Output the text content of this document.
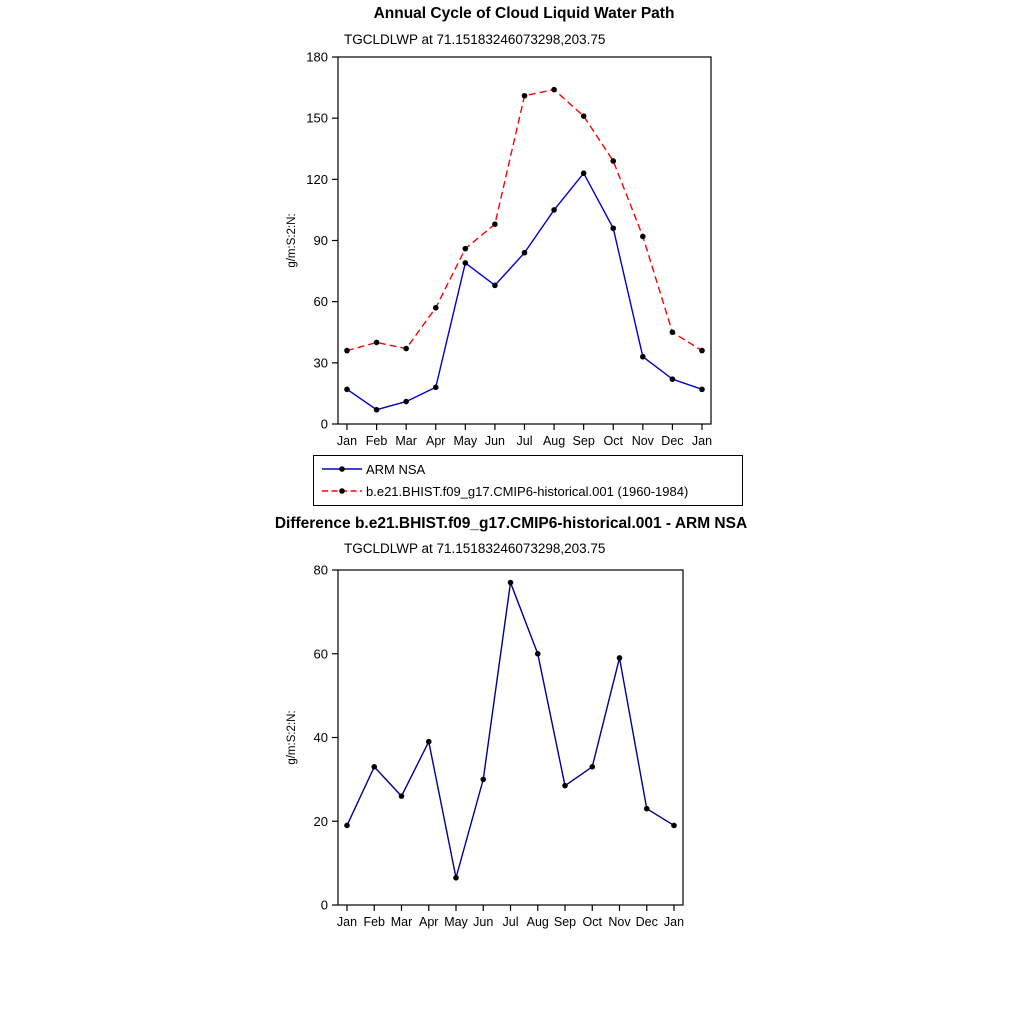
0
30
60
90
120
150
180
Jan Feb Mar Apr May Jun Jul Aug Sep Oct Nov Dec Jan
g/m:S:2:N:
0
20
40
60
80
Jan Feb Mar Apr May Jun Jul Aug Sep Oct Nov Dec Jan
g/m:S:2:N:
Annual Cycle of Cloud Liquid Water Path
TGCLDLWP at 71.15183246073298,203.75
ARM NSA
b.e21.BHIST.f09_g17.CMIP6-historical.001 (1960-1984)
Difference b.e21.BHIST.f09_g17.CMIP6-historical.001 - ARM NSA
TGCLDLWP at 71.15183246073298,203.75
